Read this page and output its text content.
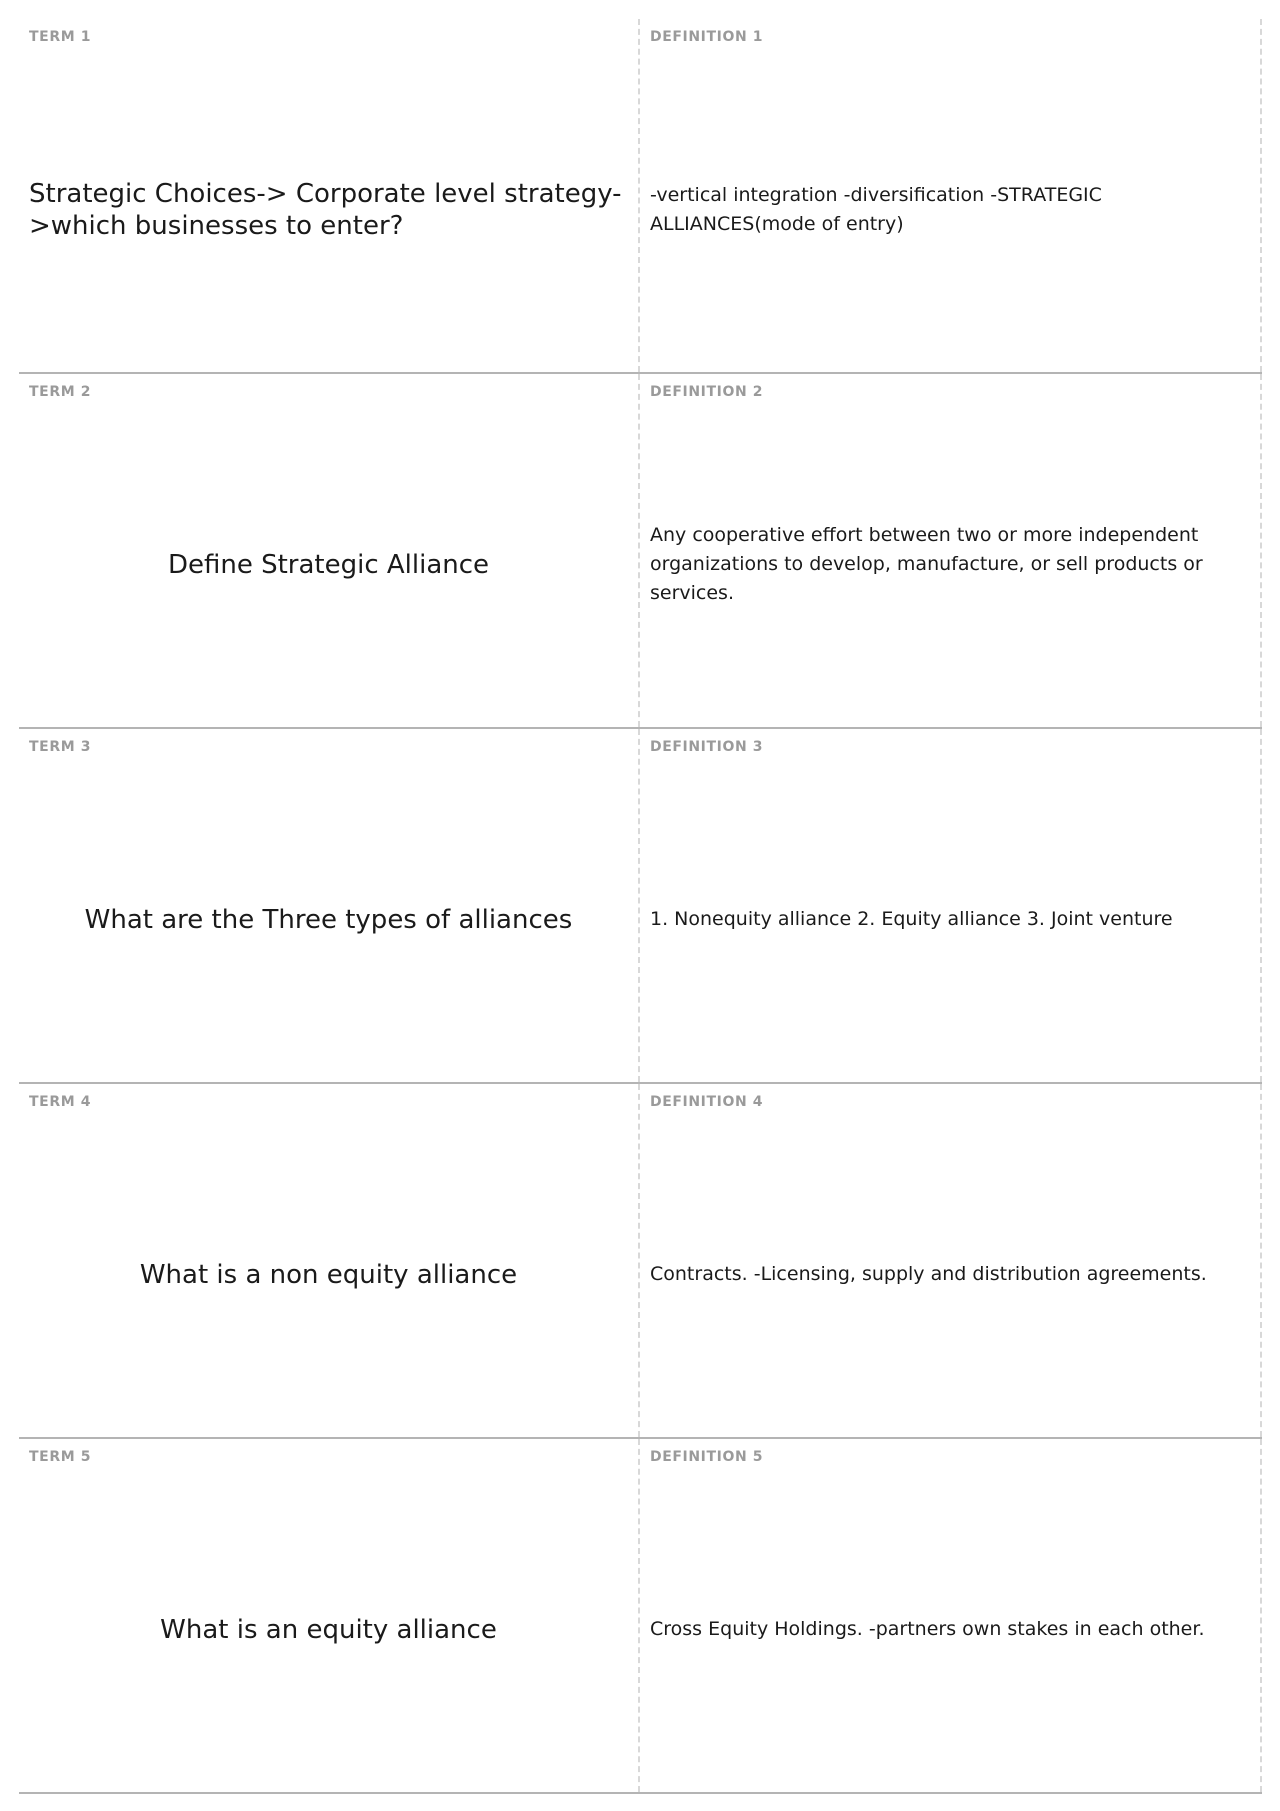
TERM 1
Strategic Choices-> Corporate level strategy->which businesses to enter?
DEFINITION 1
-vertical integration -diversification -STRATEGIC ALLIANCES(mode of entry)
TERM 2
Define Strategic Alliance
DEFINITION 2
Any cooperative effort between two or more independent organizations to develop, manufacture, or sell products or services.
TERM 3
What are the Three types of alliances
DEFINITION 3
1. Nonequity alliance 2. Equity alliance 3. Joint venture
TERM 4
What is a non equity alliance
DEFINITION 4
Contracts. -Licensing, supply and distribution agreements.
TERM 5
What is an equity alliance
DEFINITION 5
Cross Equity Holdings. -partners own stakes in each other.
